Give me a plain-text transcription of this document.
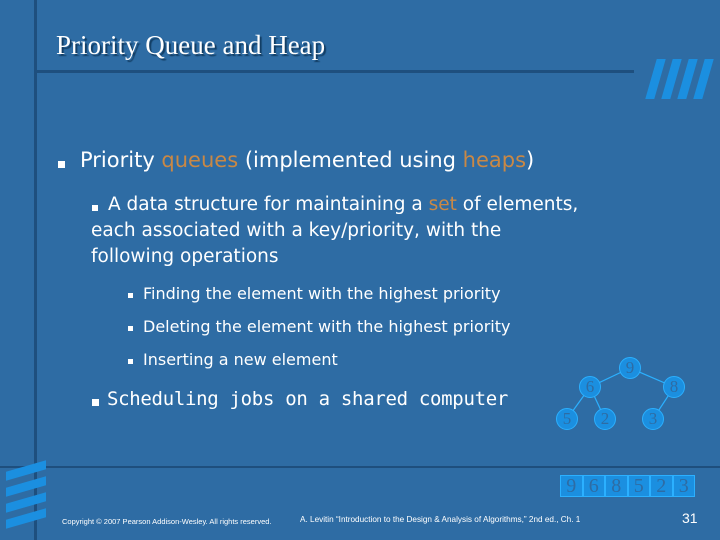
Priority Queue and Heap
Priority queues (implemented using heaps)
A data structure for maintaining a set of elements,
each associated with a key/priority, with the
following operations
Finding the element with the highest priority
Deleting the element with the highest priority
Inserting a new element
Scheduling jobs on a shared computer
9
6	8
5	2	3
9 6 8 5 2 3
Copyright © 2007 Pearson Addison-Wesley. All rights reserved.	A. Levitin “Introduction to the Design & Analysis of Algorithms,” 2nd ed., Ch. 1	31
